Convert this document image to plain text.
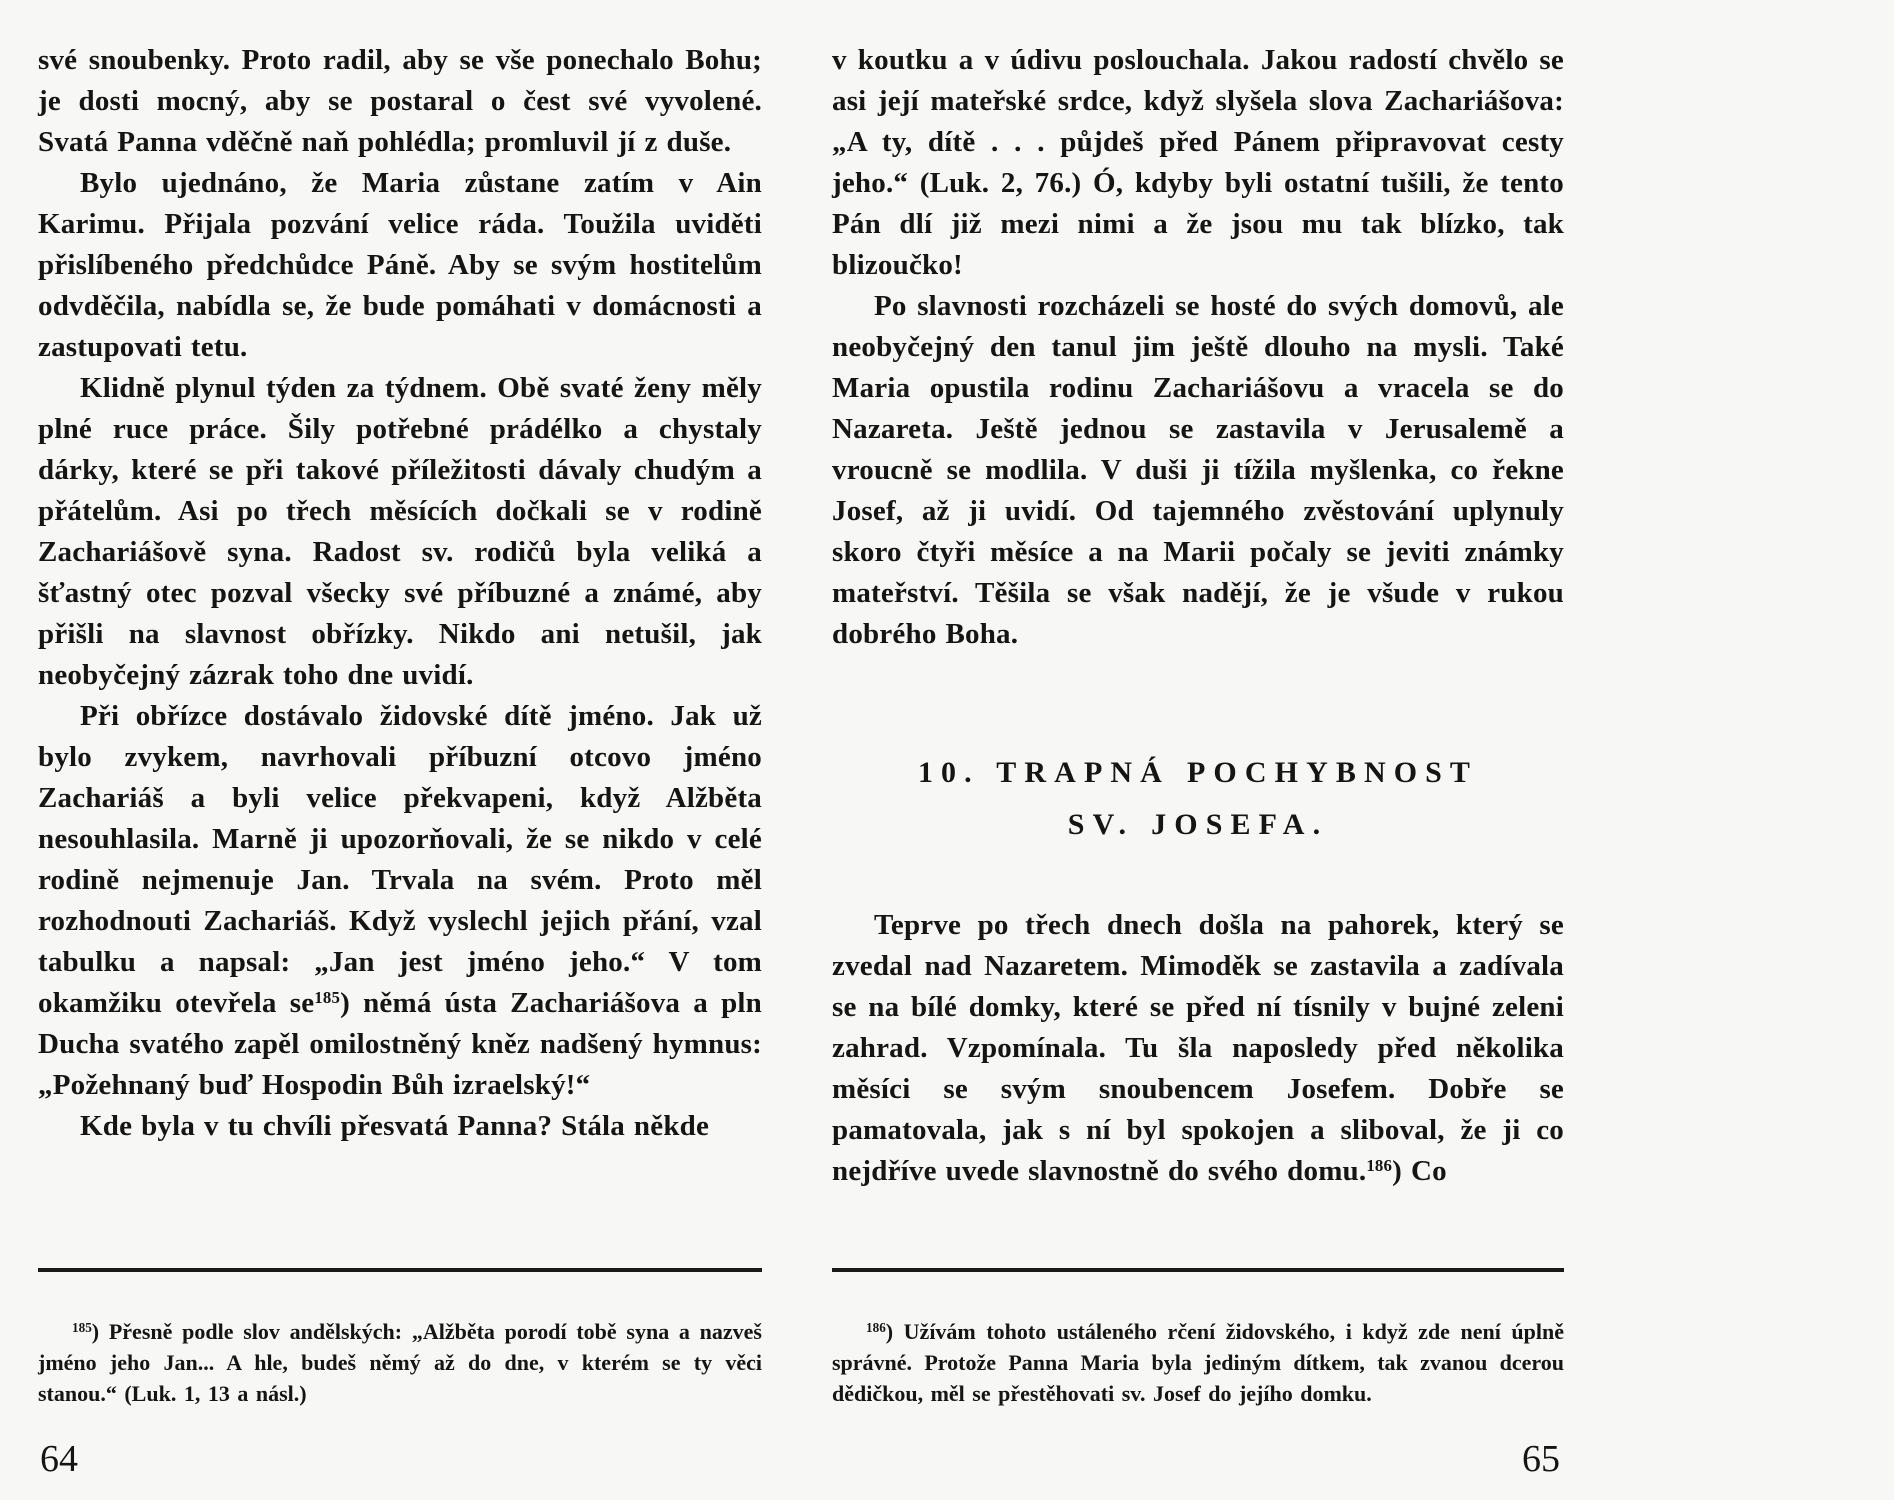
své snoubenky. Proto radil, aby se vše ponechalo Bohu; je dosti mocný, aby se postaral o čest své vyvolené. Svatá Panna vděčně naň pohlédla; promluvil jí z duše.

Bylo ujednáno, že Maria zůstane zatím v Ain Karimu. Přijala pozvání velice ráda. Toužila uviděti přislíbeného předchůdce Páně. Aby se svým hostitelům odvděčila, nabídla se, že bude pomáhati v domácnosti a zastupovati tetu.

Klidně plynul týden za týdnem. Obě svaté ženy měly plné ruce práce. Šily potřebné prádélko a chystaly dárky, které se při takové příležitosti dávaly chudým a přátelům. Asi po třech měsících dočkali se v rodině Zachariášově syna. Radost sv. rodičů byla veliká a šťastný otec pozval všecky své příbuzné a známé, aby přišli na slavnost obřízky. Nikdo ani netušil, jak neobyčejný zázrak toho dne uvidí.

Při obřízce dostávalo židovské dítě jméno. Jak už bylo zvykem, navrhovali příbuzní otcovo jméno Zachariáš a byli velice překvapeni, když Alžběta nesouhlasila. Marně ji upozorňovali, že se nikdo v celé rodině nejmenuje Jan. Trvala na svém. Proto měl rozhodnouti Zachariáš. Když vyslechl jejich přání, vzal tabulku a napsal: „Jan jest jméno jeho.“ V tom okamžiku otevřela se$^{185}$) němá ústa Zachariášova a pln Ducha svatého zapěl omilostněný kněz nadšený hymnus: „Požehnaný buď Hospodin Bůh izraelský!“

Kde byla v tu chvíli přesvatá Panna? Stála někde

$^{185}$) Přesně podle slov andělských: „Alžběta porodí tobě syna a nazveš jméno jeho Jan... A hle, budeš němý až do dne, v kterém se ty věci stanou.“ (Luk. 1, 13 a násl.)

64

v koutku a v údivu poslouchala. Jakou radostí chvělo se asi její mateřské srdce, když slyšela slova Zachariášova: „A ty, dítě . . . půjdeš před Pánem připravovat cesty jeho.“ (Luk. 2, 76.) Ó, kdyby byli ostatní tušili, že tento Pán dlí již mezi nimi a že jsou mu tak blízko, tak blizoučko!

Po slavnosti rozcházeli se hosté do svých domovů, ale neobyčejný den tanul jim ještě dlouho na mysli. Také Maria opustila rodinu Zachariášovu a vracela se do Nazareta. Ještě jednou se zastavila v Jerusalemě a vroucně se modlila. V duši ji tížila myšlenka, co řekne Josef, až ji uvidí. Od tajemného zvěstování uplynuly skoro čtyři měsíce a na Marii počaly se jeviti známky mateřství. Těšila se však nadějí, že je všude v rukou dobrého Boha.

10. TRAPNÁ POCHYBNOST
SV. JOSEFA.

Teprve po třech dnech došla na pahorek, který se zvedal nad Nazaretem. Mimoděk se zastavila a zadívala se na bílé domky, které se před ní tísnily v bujné zeleni zahrad. Vzpomínala. Tu šla naposledy před několika měsíci se svým snoubencem Josefem. Dobře se pamatovala, jak s ní byl spokojen a sliboval, že ji co nejdříve uvede slavnostně do svého domu.$^{186}$) Co

$^{186}$) Užívám tohoto ustáleného rčení židovského, i když zde není úplně správné. Protože Panna Maria byla jediným dítkem, tak zvanou dcerou dědičkou, měl se přestěhovati sv. Josef do jejího domku.

65
